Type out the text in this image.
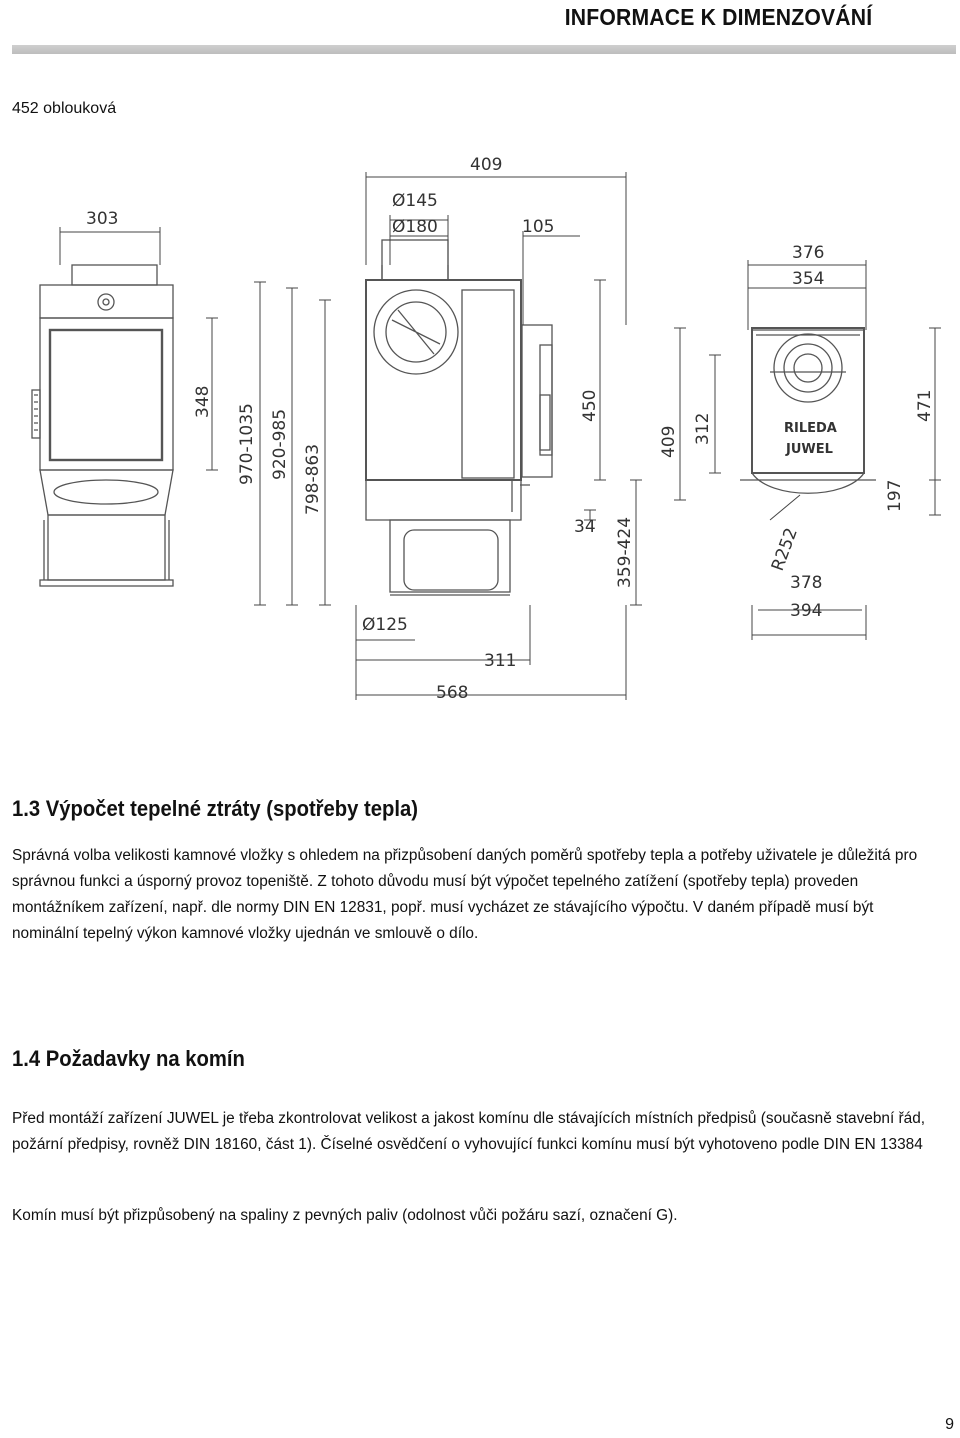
INFORMACE K DIMENZOVÁNÍ
452 oblouková
RILEDA
JUWEL
409
303
Ø145
Ø180	105
376
354
348
970-1035 920-985 798-863
450
409 312
471
34 359-424
197
R252
378
394
Ø125
311
568
1.3 Výpočet tepelné ztráty (spotřeby tepla)

Správná volba velikosti kamnové vložky s ohledem na přizpůsobení daných poměrů spotřeby tepla a potřeby uživatele je důležitá pro správnou funkci a úsporný provoz topeniště. Z tohoto důvodu musí být výpočet tepelného zatížení (spotřeby tepla) proveden montážníkem zařízení, např. dle normy DIN EN 12831, popř. musí vycházet ze stávajícího výpočtu. V daném případě musí být nominální tepelný výkon kamnové vložky ujednán ve smlouvě o dílo.

1.4 Požadavky na komín

Před montáží zařízení JUWEL je třeba zkontrolovat velikost a jakost komínu dle stávajících místních předpisů (současně stavební řád, požární předpisy, rovněž DIN 18160, část 1). Číselné osvědčení o vyhovující funkci komínu musí být vyhotoveno podle DIN EN 13384

Komín musí být přizpůsobený na spaliny z pevných paliv (odolnost vůči požáru sazí, označení G).

9
